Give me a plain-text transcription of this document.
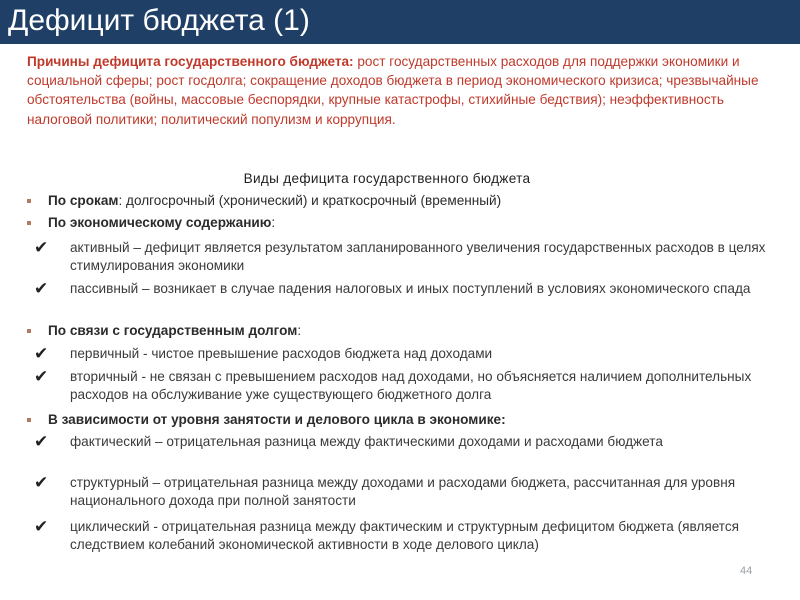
Дефицит бюджета (1)
Причины дефицита государственного бюджета: рост государственных расходов для поддержки экономики и социальной сферы; рост госдолга; сокращение доходов бюджета в период экономического кризиса; чрезвычайные обстоятельства (войны, массовые беспорядки, крупные катастрофы, стихийные бедствия); неэффективность налоговой политики; политический популизм и коррупция.
Виды дефицита государственного бюджета
По срокам: долгосрочный (хронический) и краткосрочный (временный)
По экономическому содержанию:
✔ активный – дефицит является результатом запланированного увеличения государственных расходов в целях стимулирования экономики
✔ пассивный – возникает в случае падения налоговых и иных поступлений в условиях экономического спада
По связи с государственным долгом:
✔ первичный - чистое превышение расходов бюджета над доходами
✔ вторичный - не связан с превышением расходов над доходами, но объясняется наличием дополнительных расходов на обслуживание уже существующего бюджетного долга
В зависимости от уровня занятости и делового цикла в экономике:
✔ фактический – отрицательная разница между фактическими доходами и расходами бюджета
✔ структурный – отрицательная разница между доходами и расходами бюджета, рассчитанная для уровня национального дохода при полной занятости
✔ циклический - отрицательная разница между фактическим и структурным дефицитом бюджета (является следствием колебаний экономической активности в ходе делового цикла)
44
